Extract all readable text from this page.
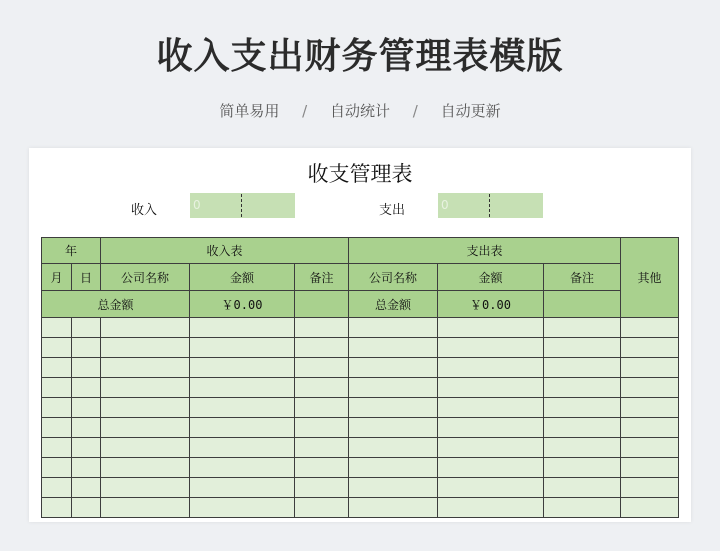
收入支出财务管理表模版
简单易用 / 自动统计 / 自动更新
收支管理表
收入	0	支出	0
年		收入表			支出表			其他
月	日	公司名称	金额	备注	公司名称	金额	备注	
总金额			￥0.00		总金额	￥0.00		
